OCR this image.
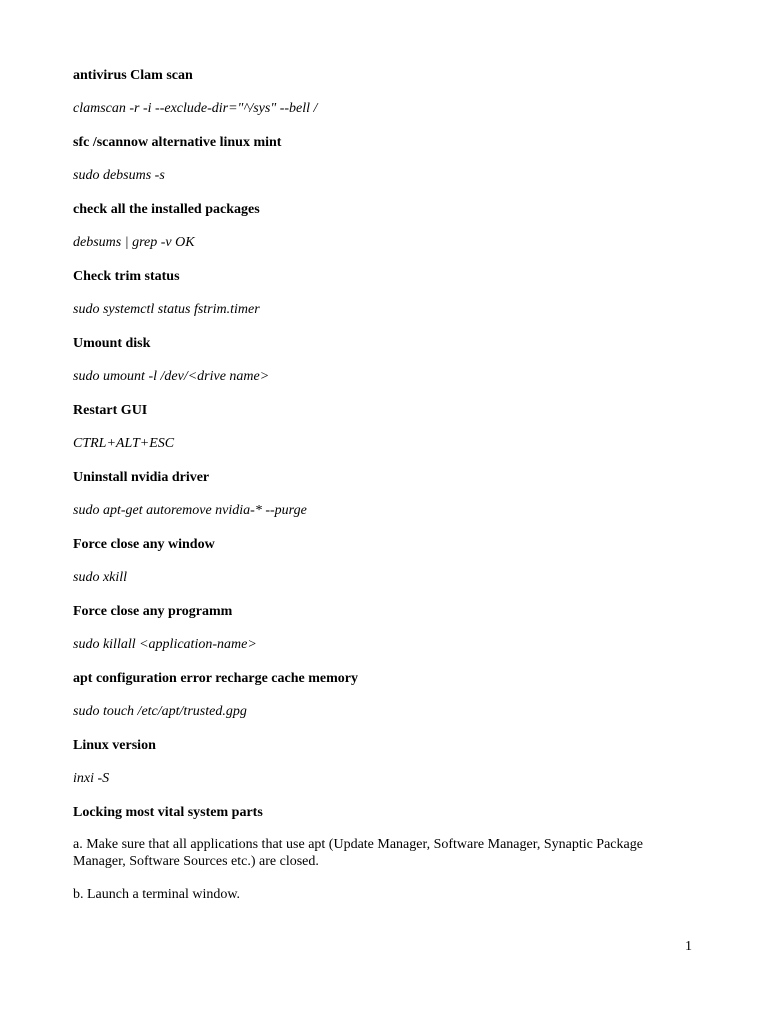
antivirus Clam scan
clamscan -r -i --exclude-dir="^/sys" --bell /
sfc /scannow alternative linux mint
sudo debsums -s
check all the installed packages
debsums | grep -v OK
Check trim status
sudo systemctl status fstrim.timer
Umount disk
sudo umount -l /dev/<drive name>
Restart GUI
CTRL+ALT+ESC
Uninstall nvidia driver
sudo apt-get autoremove nvidia-* --purge
Force close any window
sudo xkill
Force close any programm
sudo killall <application-name>
apt configuration error recharge cache memory
sudo touch /etc/apt/trusted.gpg
Linux version
inxi -S
Locking most vital system parts

a. Make sure that all applications that use apt (Update Manager, Software Manager, Synaptic Package Manager, Software Sources etc.) are closed.

b. Launch a terminal window.

1
